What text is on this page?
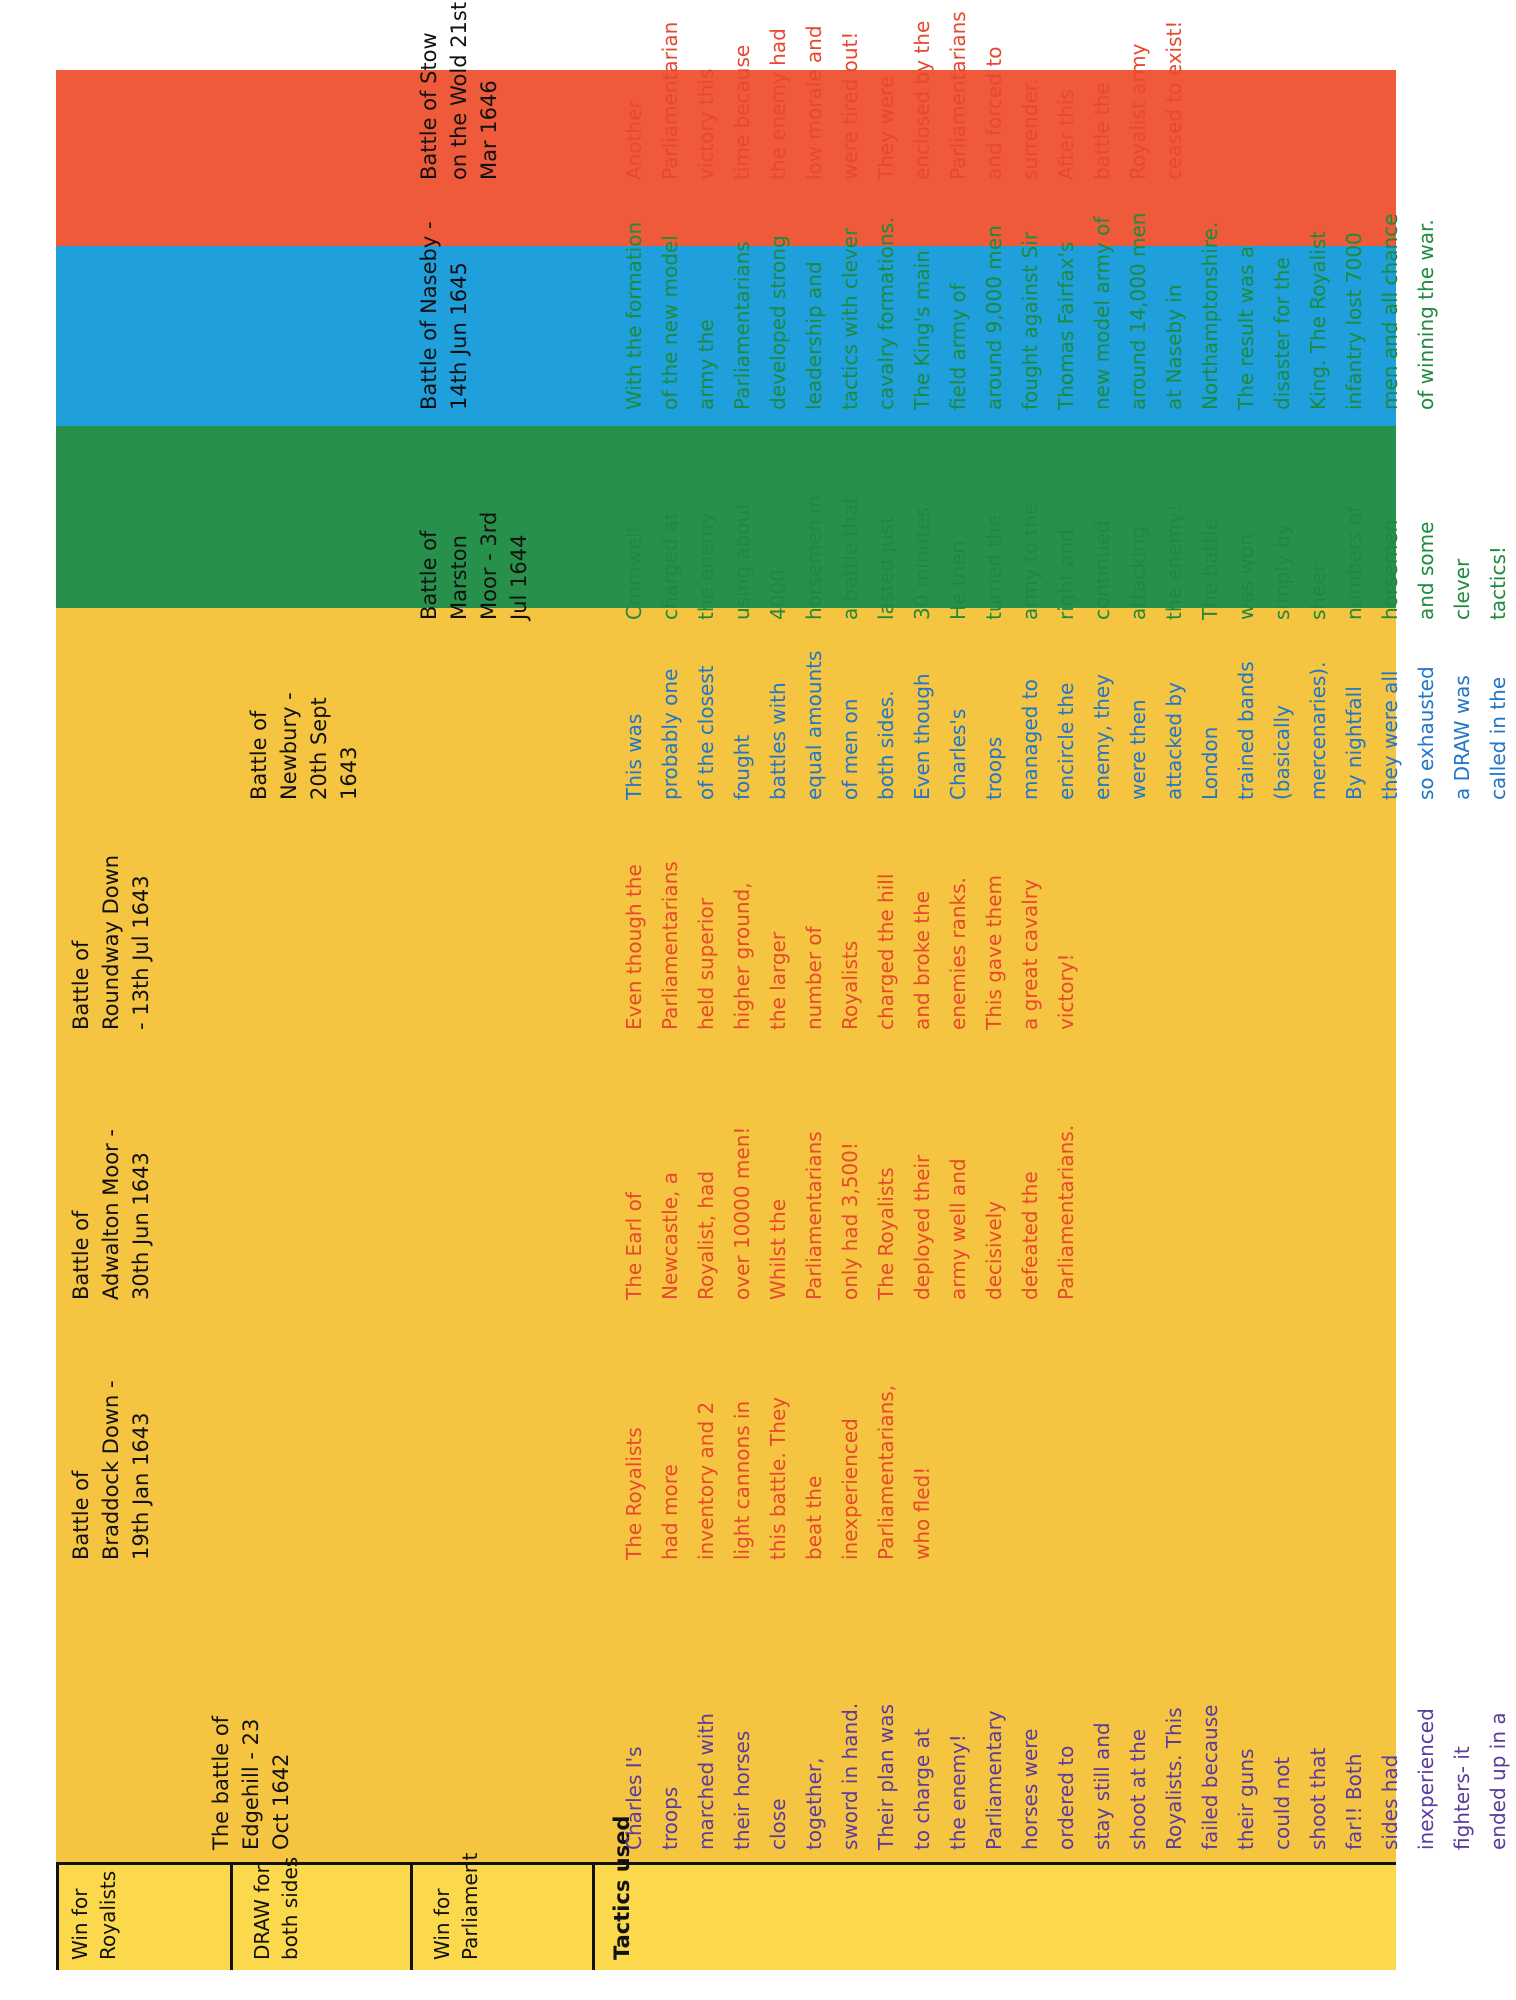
Win for
Royalists	DRAW for
both sides
Win for
Parliament	Tactics used
The battle of
Edgehill - 23
Oct 1642
Battle of
Braddock Down -
19th Jan 1643
Battle of
Adwalton Moor -
30th Jun 1643
Battle of
Roundway Down
- 13th Jul 1643
Battle of
Newbury -
20th Sept
1643
Battle of
Marston
Moor - 3rd
Jul 1644
Battle of Naseby -
14th Jun 1645
Battle of Stow
on the Wold 21st
Mar 1646
Charles I's
troops
marched with
their horses
close
together,
sword in hand.
Their plan was
to charge at
the enemy!
Parliamentary
horses were
ordered to
stay still and
shoot at the
Royalists. This
failed because
their guns
could not
shoot that
far!! Both
sides had
inexperienced
fighters- it
ended up in a
The Royalists
had more
inventory and 2
light cannons in
this battle. They
beat the
inexperienced
Parliamentarians,
who fled!
The Earl of
Newcastle, a
Royalist, had
over 10000 men!
Whilst the
Parliamentarians
only had 3,500!
The Royalists
deployed their
army well and
decisively
defeated the
Parliamentarians.
Even though the
Parliamentarians
held superior
higher ground,
the larger
number of
Royalists
charged the hill
and broke the
enemies ranks.
This gave them
a great cavalry
victory!
This was
probably one
of the closest
fought
battles with
equal amounts
of men on
both sides.
Even though
Charles's
troops
managed to
encircle the
enemy, they
were then
attacked by
London
trained bands
(basically
mercenaries).
By nightfall
they were all
so exhausted
a DRAW was
called in the
Cromwell
charged at
the enemy
using about
4000
horsemen in
a battle that
lasted just
30 minutes.
He then
turned the
army to the
right and
continued
attacking
the enemy!
The battle
was won
simply by
sheer
numbers of
horsemen
and some
clever
tactics!
With the formation
of the new model
army the
Parliamentarians
developed strong
leadership and
tactics with clever
cavalry formations.
The King's main
field army of
around 9,000 men
fought against Sir
Thomas Fairfax's
new model army of
around 14,000 men
at Naseby in
Northamptonshire.
The result was a
disaster for the
King. The Royalist
infantry lost 7000
men and all chance
of winning the war.
Another
Parliamentarian
victory this
time because
the enemy had
low morale and
were tired out!
They were
enclosed by the
Parliamentarians
and forced to
surrender.
After this
battle the
Royalist army
ceased to exist!
